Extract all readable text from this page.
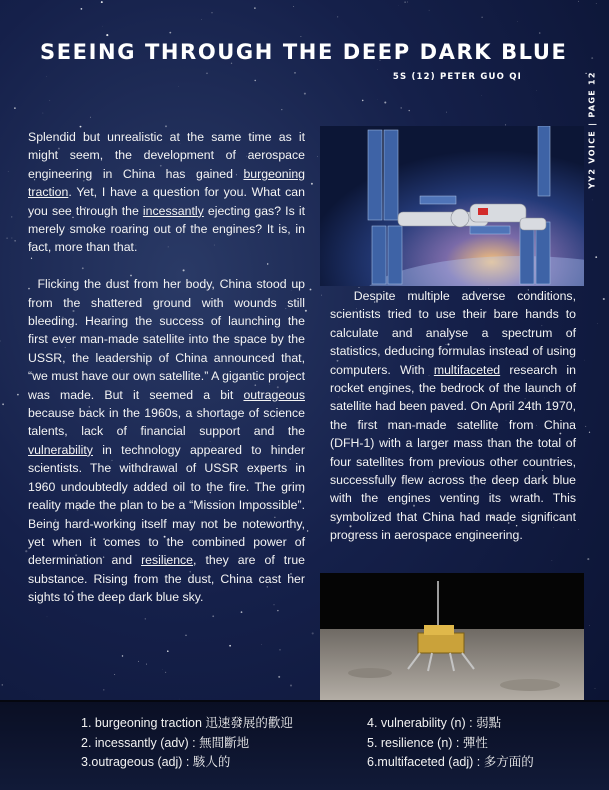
SEEING THROUGH THE DEEP DARK BLUE
5S (12) PETER GUO QI	YY2 VOICE | PAGE 12

Splendid but unrealistic at the same time as it might seem, the development of aerospace engineering in China has gained burgeoning traction. Yet, I have a question for you. What can you see through the incessantly ejecting gas? Is it merely smoke roaring out of the engines? It is, in fact, more than that.

Flicking the dust from her body, China stood up from the shattered ground with wounds still bleeding. Hearing the success of launching the first ever man-made satellite into the space by the USSR, the leadership of China announced that, “we must have our own satellite.” A gigantic project was made. But it seemed a bit outrageous because back in the 1960s, a shortage of science talents, lack of financial support and the vulnerability in technology appeared to hinder scientists. The withdrawal of USSR experts in 1960 undoubtedly added oil to the fire. The grim reality made the plan to be a “Mission Impossible”. Being hard-working itself may not be noteworthy, yet when it comes to the combined power of determination and resilience, they are of true substance. Rising from the dust, China cast her sights to the deep dark blue sky.

Despite multiple adverse conditions, scientists tried to use their bare hands to calculate and analyse a spectrum of statistics, deducing formulas instead of using computers. With multifaceted research in rocket engines, the bedrock of the launch of satellite had been paved. On April 24th 1970, the first man-made satellite from China (DFH-1) with a larger mass than the total of four satellites from previous other countries, successfully flew across the deep dark blue with the engines venting its wrath. This symbolized that China had made significant progress in aerospace engineering.

1. burgeoning traction 迅速發展的歡迎
2. incessantly (adv) : 無間斷地
3.outrageous (adj) : 駭人的
4. vulnerability (n) : 弱點
5. resilience (n) : 彈性
6.multifaceted (adj) : 多方面的
